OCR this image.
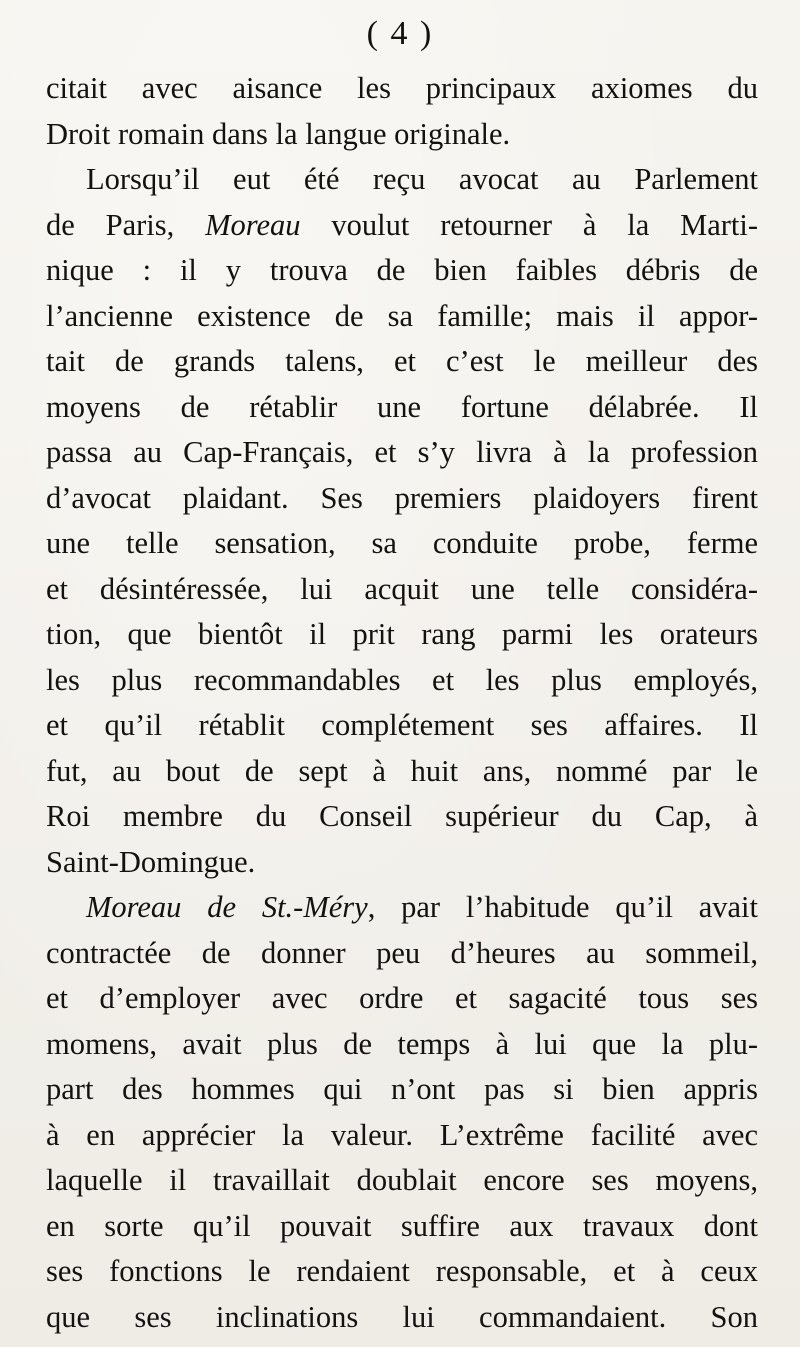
( 4 )
citait avec aisance les principaux axiomes du
Droit romain dans la langue originale.
Lorsqu’il eut été reçu avocat au Parlement
de Paris, Moreau voulut retourner à la Marti-
nique : il y trouva de bien faibles débris de
l’ancienne existence de sa famille; mais il appor-
tait de grands talens, et c’est le meilleur des
moyens de rétablir une fortune délabrée. Il
passa au Cap-Français, et s’y livra à la profession
d’avocat plaidant. Ses premiers plaidoyers firent
une telle sensation, sa conduite probe, ferme
et désintéressée, lui acquit une telle considéra-
tion, que bientôt il prit rang parmi les orateurs
les plus recommandables et les plus employés,
et qu’il rétablit complétement ses affaires. Il
fut, au bout de sept à huit ans, nommé par le
Roi membre du Conseil supérieur du Cap, à
Saint-Domingue.
Moreau de St.-Méry, par l’habitude qu’il avait
contractée de donner peu d’heures au sommeil,
et d’employer avec ordre et sagacité tous ses
momens, avait plus de temps à lui que la plu-
part des hommes qui n’ont pas si bien appris
à en apprécier la valeur. L’extrême facilité avec
laquelle il travaillait doublait encore ses moyens,
en sorte qu’il pouvait suffire aux travaux dont
ses fonctions le rendaient responsable, et à ceux
que ses inclinations lui commandaient. Son
